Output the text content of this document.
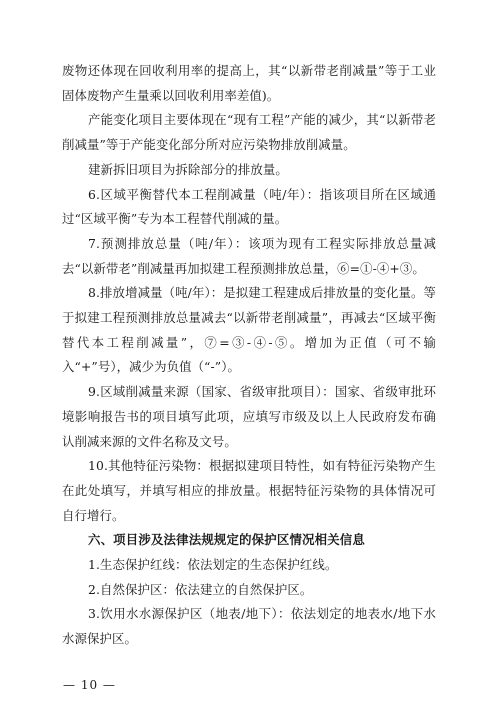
废物还体现在回收利用率的提高上，其“以新带老削减量”等于工业固体废物产生量乘以回收利用率差值)。

产能变化项目主要体现在“现有工程”产能的减少，其“以新带老削减量”等于产能变化部分所对应污染物排放削减量。

建新拆旧项目为拆除部分的排放量。

6.区域平衡替代本工程削减量（吨/年）：指该项目所在区域通过“区域平衡”专为本工程替代削减的量。

7.预测排放总量（吨/年）：该项为现有工程实际排放总量减去“以新带老”削减量再加拟建工程预测排放总量，⑥=①-④+③。

8.排放增减量（吨/年）：是拟建工程建成后排放量的变化量。等于拟建工程预测排放总量减去“以新带老削减量”，再减去“区域平衡替代本工程削减量”，⑦=③-④-⑤。增加为正值（可不输入“+”号），减少为负值（“-”）。

9.区域削减量来源（国家、省级审批项目）：国家、省级审批环境影响报告书的项目填写此项，应填写市级及以上人民政府发布确认削减来源的文件名称及文号。

10.其他特征污染物：根据拟建项目特性，如有特征污染物产生在此处填写，并填写相应的排放量。根据特征污染物的具体情况可自行增行。

六、项目涉及法律法规规定的保护区情况相关信息

1.生态保护红线：依法划定的生态保护红线。

2.自然保护区：依法建立的自然保护区。

3.饮用水水源保护区（地表/地下）：依法划定的地表水/地下水水源保护区。

— 10 —
